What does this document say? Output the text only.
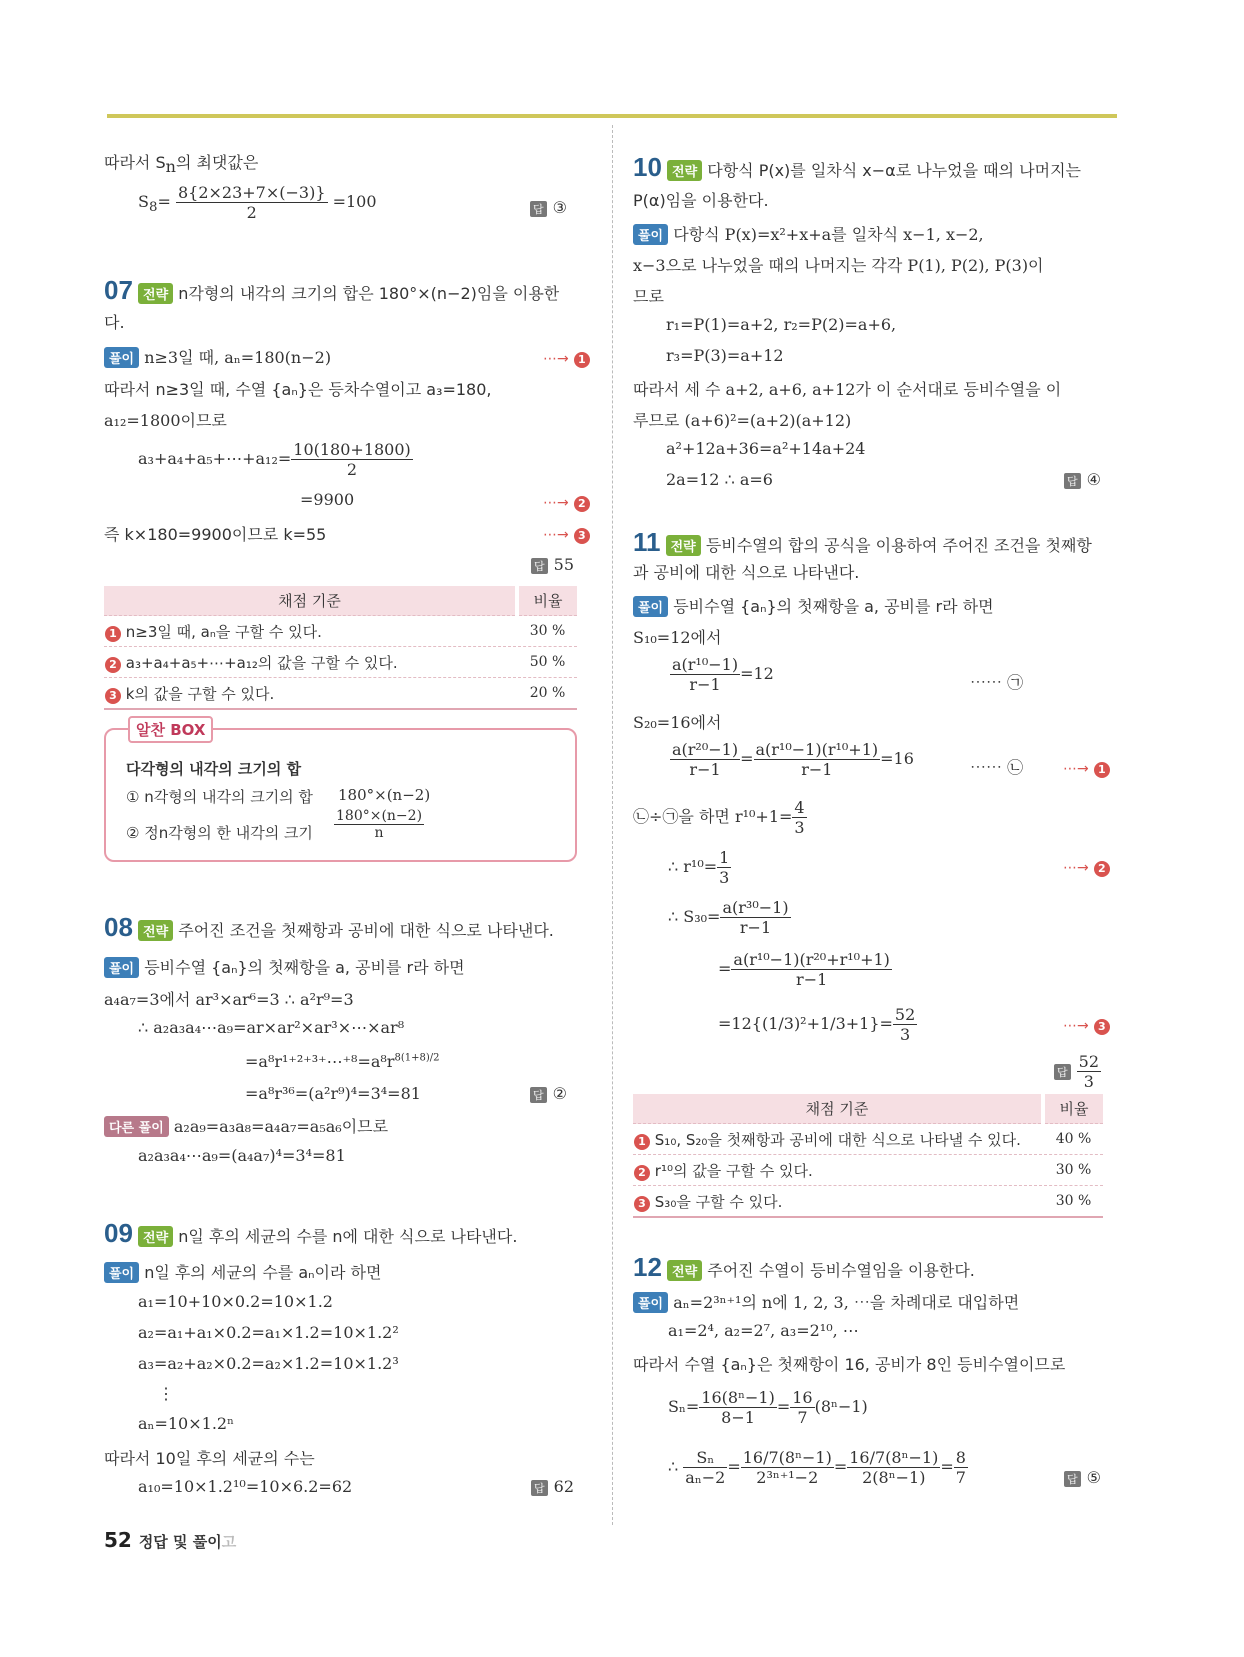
따라서 $S_n$의 최댓값은
$S_8= \frac{8\{2\times 23+7\times(-3)\}}{2} =100$	답 ③
07 전략 n각형의 내각의 크기의 합은 180°×(n−2)임을 이용한
다.
풀이 n≥3일 때, aₙ=180(n−2)	⋯→ 1
따라서 n≥3일 때, 수열 {aₙ}은 등차수열이고 a₃=180,
a₁₂=1800이므로
a₃+a₄+a₅+⋯+a₁₂= $\frac{10(180+1800)}{2}$
=9900	⋯→ 2
즉 k×180=9900이므로 k=55	⋯→ 3
답 55
채점 기준	비율
1 n≥3일 때, aₙ을 구할 수 있다.	30 %
2 a₃+a₄+a₅+⋯+a₁₂의 값을 구할 수 있다.	50 %
3 k의 값을 구할 수 있다.	20 %
알찬 BOX
다각형의 내각의 크기의 합
① n각형의 내각의 크기의 합 180°×(n−2)
② 정n각형의 한 내각의 크기 $\frac{180^\circ\times(n-2)}{n}$
08 전략 주어진 조건을 첫째항과 공비에 대한 식으로 나타낸다.
풀이 등비수열 {aₙ}의 첫째항을 a, 공비를 r라 하면
a₄a₇=3에서 ar³×ar⁶=3 ∴ a²r⁹=3
∴ a₂a₃a₄⋯a₉=ar×ar²×ar³×⋯×ar⁸
$=a^8r^{1+2+3+}\cdots^{+8}=a^8r^{8(1+8)/2}$
=a⁸r³⁶=(a²r⁹)⁴=3⁴=81	답 ②
다른 풀이 a₂a₉=a₃a₈=a₄a₇=a₅a₆이므로
a₂a₃a₄⋯a₉=(a₄a₇)⁴=3⁴=81
09 전략 n일 후의 세균의 수를 n에 대한 식으로 나타낸다.
풀이 n일 후의 세균의 수를 aₙ이라 하면
a₁=10+10×0.2=10×1.2
a₂=a₁+a₁×0.2=a₁×1.2=10×1.2²
a₃=a₂+a₂×0.2=a₂×1.2=10×1.2³
⋮
aₙ=10×1.2ⁿ
따라서 10일 후의 세균의 수는
a₁₀=10×1.2¹⁰=10×6.2=62	답 62
10 전략 다항식 P(x)를 일차식 x−α로 나누었을 때의 나머지는
P(α)임을 이용한다.
풀이 다항식 P(x)=x²+x+a를 일차식 x−1, x−2,
x−3으로 나누었을 때의 나머지는 각각 P(1), P(2), P(3)이
므로
r₁=P(1)=a+2, r₂=P(2)=a+6,
r₃=P(3)=a+12
따라서 세 수 a+2, a+6, a+12가 이 순서대로 등비수열을 이
루므로 (a+6)²=(a+2)(a+12)
a²+12a+36=a²+14a+24
2a=12 ∴ a=6	답 ④
11 전략 등비수열의 합의 공식을 이용하여 주어진 조건을 첫째항
과 공비에 대한 식으로 나타낸다.
풀이 등비수열 {aₙ}의 첫째항을 a, 공비를 r라 하면
S₁₀=12에서
$\frac{\text{a(r¹⁰−1)}}{r-1} =12$	⋯⋯ ㉠
S₂₀=16에서
$\frac{\text{a(r²⁰−1)}}{r-1} = \frac{\text{a(r¹⁰−1)(r¹⁰+1)}}{r-1} =16$	⋯⋯ ㉡	⋯→ 1
㉡÷㉠을 하면 $r^{10}+1= \frac{4}{3}$
∴ $r^{10}= \frac{1}{3}$	⋯→ 2
∴ $S_{30}= \frac{\text{a(r³⁰−1)}}{r-1}$
= $\frac{\text{a(r¹⁰−1)(r²⁰+r¹⁰+1)}}{r-1}$
$=12\{(1/3)^2+1/3+1\}= \frac{52}{3}$	⋯→ 3
답 $\frac{52}{3}$
채점 기준	비율
1 S₁₀, S₂₀을 첫째항과 공비에 대한 식으로 나타낼 수 있다.	40 %
2 r¹⁰의 값을 구할 수 있다.	30 %
3 S₃₀을 구할 수 있다.	30 %
12 전략 주어진 수열이 등비수열임을 이용한다.
풀이 aₙ=2³ⁿ⁺¹의 n에 1, 2, 3, ⋯을 차례대로 대입하면
a₁=2⁴, a₂=2⁷, a₃=2¹⁰, ⋯
따라서 수열 {aₙ}은 첫째항이 16, 공비가 8인 등비수열이므로
$S_n= \frac{\text{16(8ⁿ−1)}}{8-1} = \frac{16}{7} (8^n-1)$
∴ $\frac{\text{Sₙ}}{\text{aₙ−2}} = \frac{\text{16/7(8ⁿ−1)}}{\text{2³ⁿ⁺¹−2}} = \frac{\text{16/7(8ⁿ−1)}}{\text{2(8ⁿ−1)}} = \frac{8}{7}$	답 ⑤
52 정답 및 풀이고
